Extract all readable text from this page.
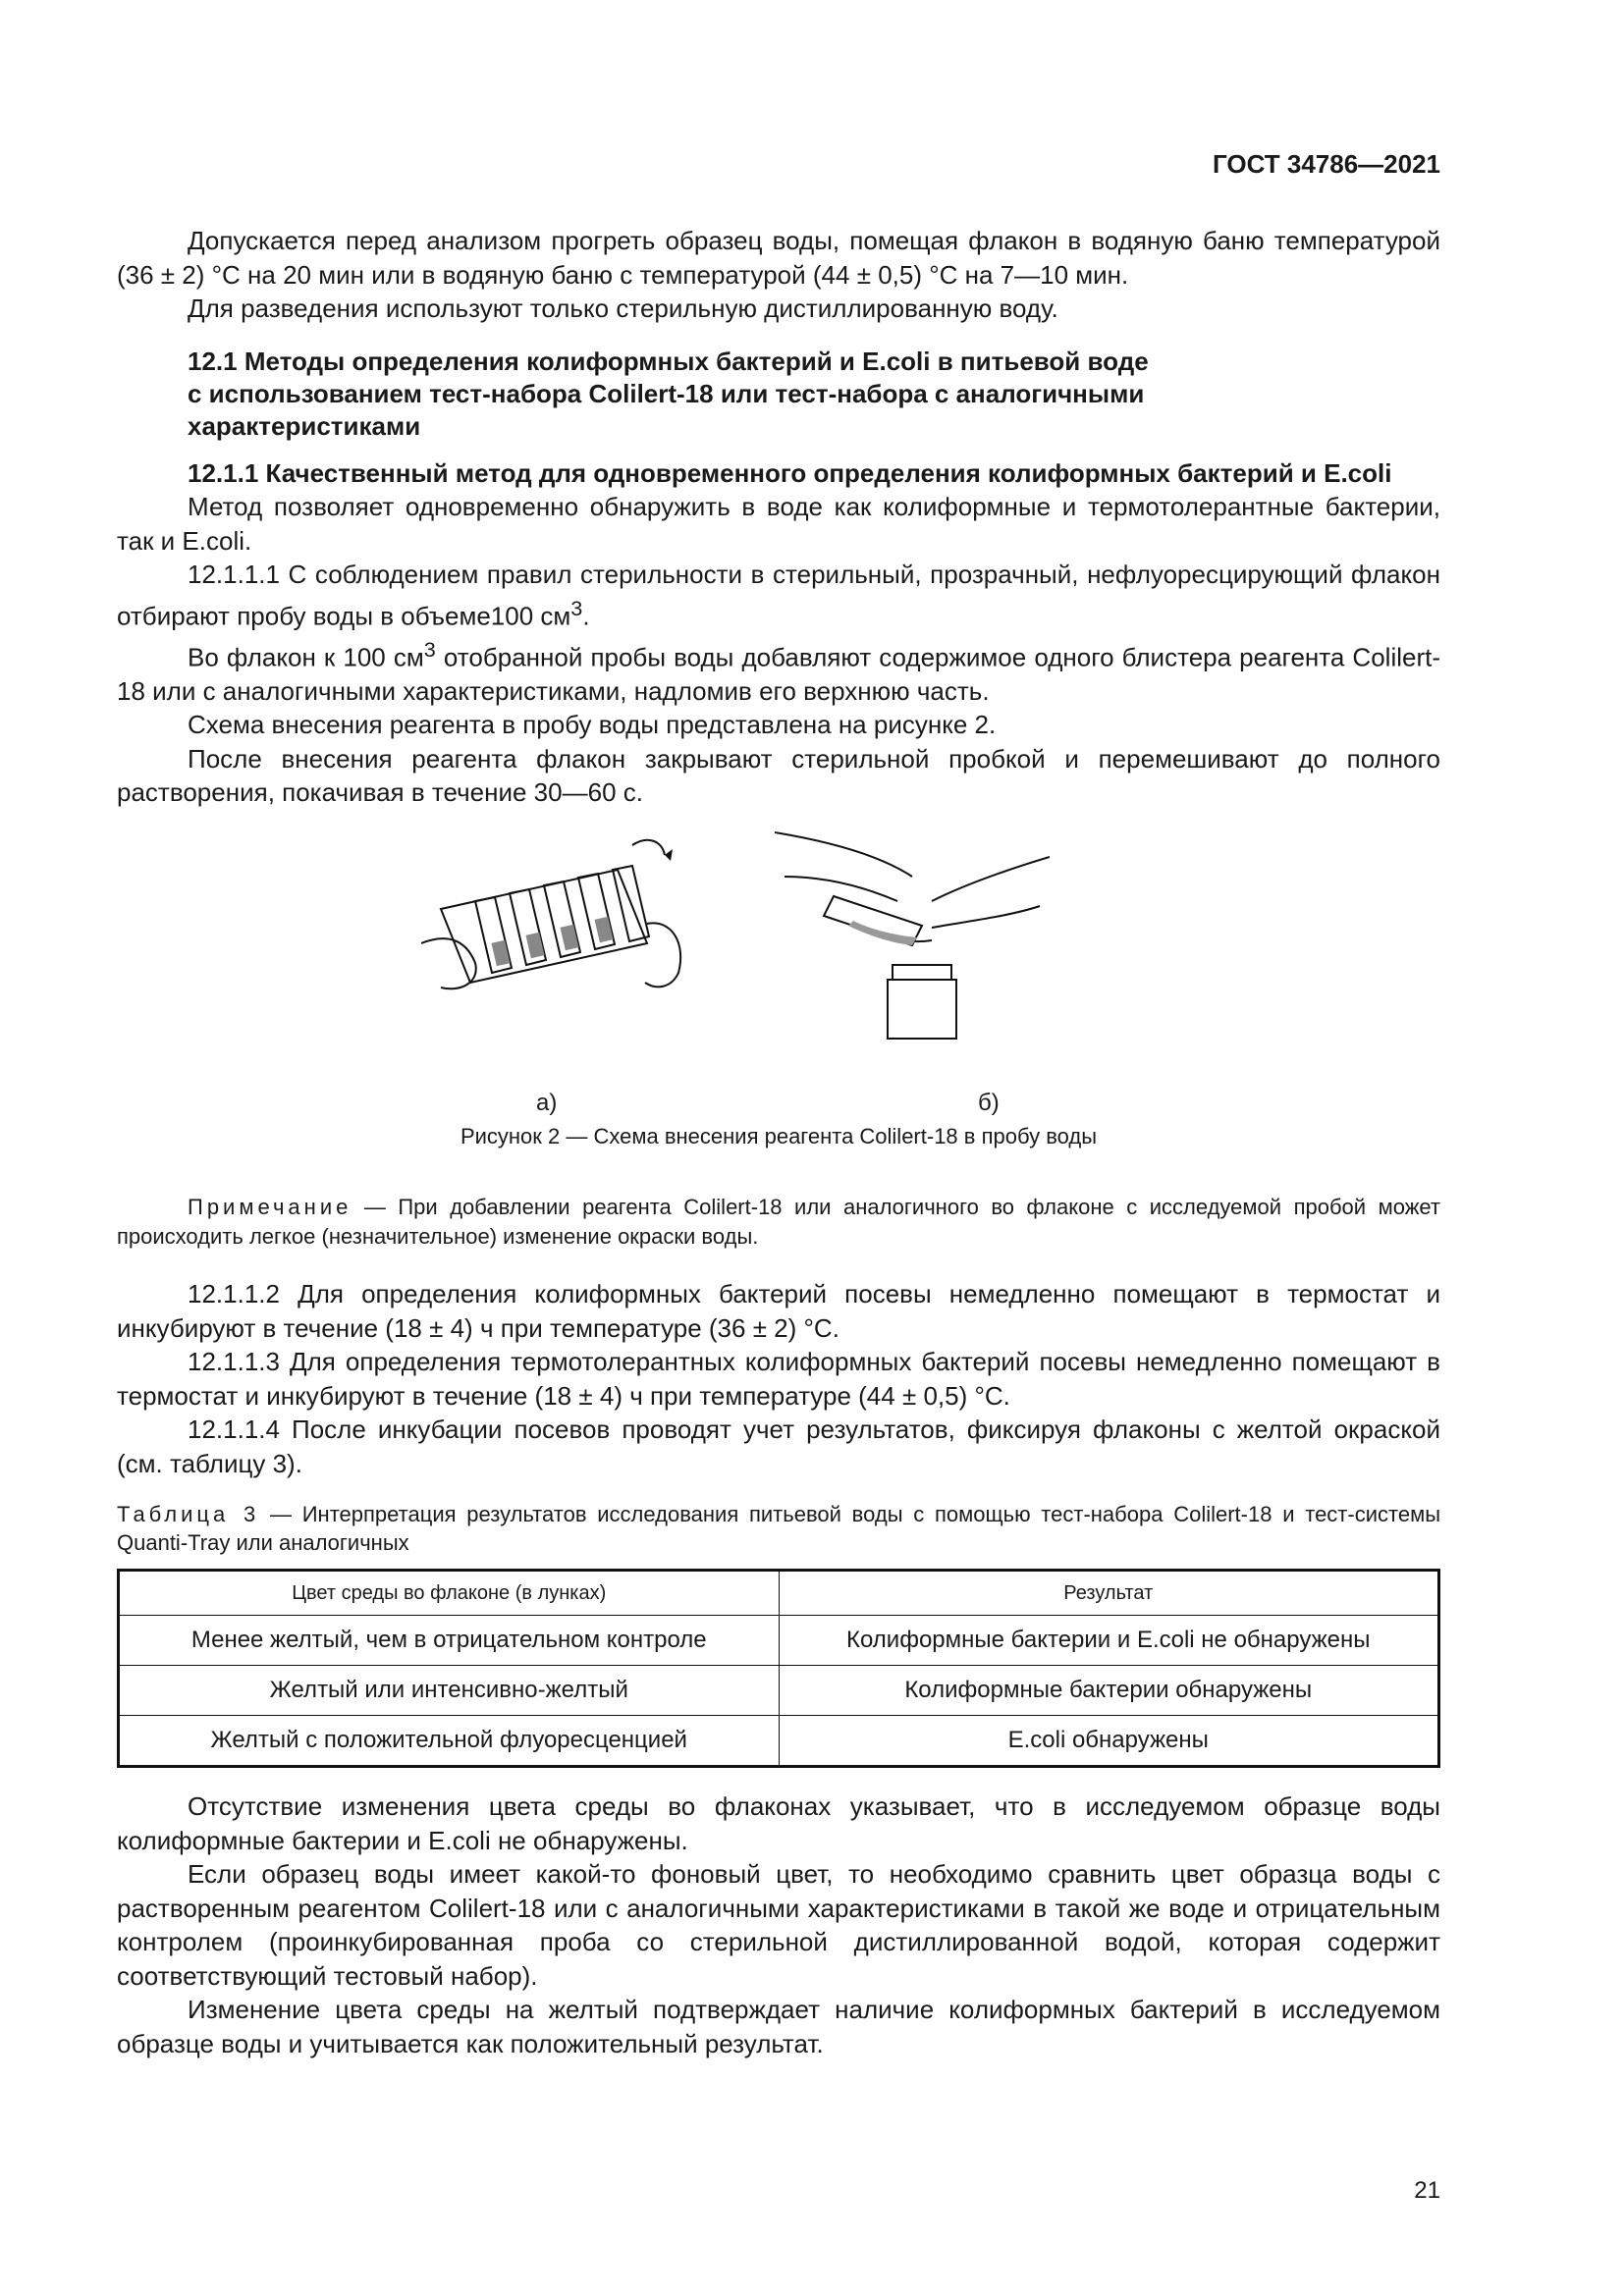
ГОСТ 34786—2021

Допускается перед анализом прогреть образец воды, помещая флакон в водяную баню температурой (36 ± 2) °С на 20 мин или в водяную баню с температурой (44 ± 0,5) °С на 7—10 мин.

Для разведения используют только стерильную дистиллированную воду.

12.1 Методы определения колиформных бактерий и E.coli в питьевой воде
с использованием тест-набора Colilert-18 или тест-набора с аналогичными
характеристиками

12.1.1 Качественный метод для одновременного определения колиформных бактерий и E.coli

Метод позволяет одновременно обнаружить в воде как колиформные и термотолерантные бактерии, так и E.coli.

12.1.1.1 С соблюдением правил стерильности в стерильный, прозрачный, нефлуоресцирующий флакон отбирают пробу воды в объеме100 $см^3$.

Во флакон к 100 $см^3$ отобранной пробы воды добавляют содержимое одного блистера реагента Colilert-18 или с аналогичными характеристиками, надломив его верхнюю часть.

Схема внесения реагента в пробу воды представлена на рисунке 2.

После внесения реагента флакон закрывают стерильной пробкой и перемешивают до полного растворения, покачивая в течение 30—60 с.

а)	б)
Рисунок 2 — Схема внесения реагента Colilert-18 в пробу воды

Примечание — При добавлении реагента Colilert-18 или аналогичного во флаконе с исследуемой пробой может происходить легкое (незначительное) изменение окраски воды.

12.1.1.2 Для определения колиформных бактерий посевы немедленно помещают в термостат и инкубируют в течение (18 ± 4) ч при температуре (36 ± 2) °С.

12.1.1.3 Для определения термотолерантных колиформных бактерий посевы немедленно помещают в термостат и инкубируют в течение (18 ± 4) ч при температуре (44 ± 0,5) °С.

12.1.1.4 После инкубации посевов проводят учет результатов, фиксируя флаконы с желтой окраской (см. таблицу 3).

Таблица 3 — Интерпретация результатов исследования питьевой воды с помощью тест-набора Colilert-18 и тест-системы Quanti-Tray или аналогичных

Цвет среды во флаконе (в лунках)	Результат
Менее желтый, чем в отрицательном контроле	Колиформные бактерии и E.coli не обнаружены
Желтый или интенсивно-желтый	Колиформные бактерии обнаружены
Желтый с положительной флуоресценцией	E.coli обнаружены

Отсутствие изменения цвета среды во флаконах указывает, что в исследуемом образце воды колиформные бактерии и E.coli не обнаружены.

Если образец воды имеет какой-то фоновый цвет, то необходимо сравнить цвет образца воды с растворенным реагентом Colilert-18 или с аналогичными характеристиками в такой же воде и отрицательным контролем (проинкубированная проба со стерильной дистиллированной водой, которая содержит соответствующий тестовый набор).

Изменение цвета среды на желтый подтверждает наличие колиформных бактерий в исследуемом образце воды и учитывается как положительный результат.

21
